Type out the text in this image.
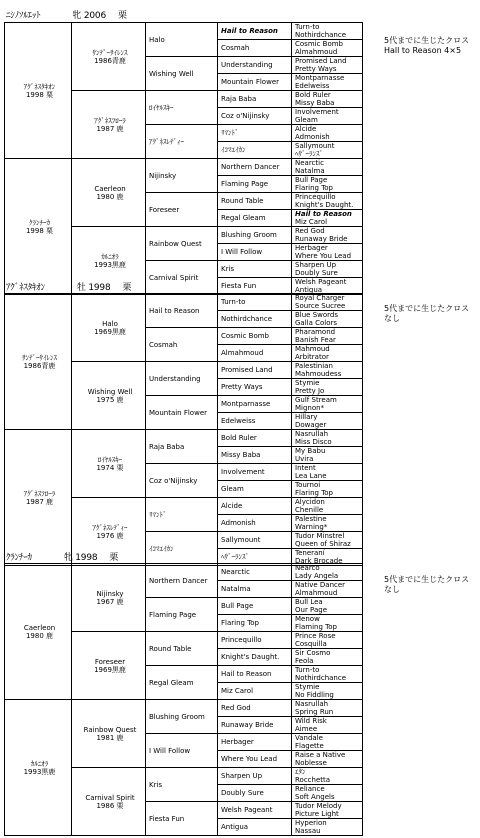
ﾆｼﾉｿﾙｴｯﾄ	牝 2006 栗
5代までに生じたクロス
Hall to Reason 4×5
ｱｸﾞﾈｽﾀｷｵﾝ
1998 栗	ｻﾝﾃﾞｰｻｲﾚﾝｽ
1986青鹿	Halo	Hail to Reason	Turn-to
Nothirdchance

			Cosmah	Cosmic Bomb
Almahmoud

		Wishing Well	Understanding	Promised Land
Pretty Ways

			Mountain Flower	Montparnasse
Edelweiss

	ｱｸﾞﾈｽﾌﾛｰﾗ
1987 鹿	ﾛｲﾔﾙｽｷｰ	Raja Baba	Bold Ruler
Missy Baba

			Coz o'Nijinsky	Involvement
Gleam

		ｱｸﾞﾈｽﾚﾃﾞｨｰ	ﾘﾏﾝﾄﾞ	Alcide
Admonish

			ｲｺﾏｴｲｶﾝ	Sallymount
ﾍｻﾞｰﾗﾝｽﾞ

ｸﾗﾝﾁｰｶ
1998 栗	Caerleon
1980 鹿	Nijinsky	Northern Dancer	Nearctic
Natalma

			Flaming Page	Bull Page
Flaring Top

		Foreseer	Round Table	Princequillo
Knight's Daught.

			Regal Gleam	Hail to Reason
Miz Carol

	ｶﾙﾆｵﾗ
1993黒鹿	Rainbow Quest	Blushing Groom	Red God
Runaway Bride

			I Will Follow	Herbager
Where You Lead

		Carnival Spirit	Kris	Sharpen Up
Doubly Sure

			Fiesta Fun	Welsh Pageant
Antigua

ｱｸﾞﾈｽﾀｷｵﾝ	牡 1998 栗
5代までに生じたクロス
なし
ｻﾝﾃﾞｰｻｲﾚﾝｽ
1986青鹿	Halo
1969黒鹿	Hail to Reason	Turn-to	Royal Charger
Source Sucree

			Nothirdchance	Blue Swords
Galla Colors

		Cosmah	Cosmic Bomb	Pharamond
Banish Fear

			Almahmoud	Mahmoud
Arbitrator

	Wishing Well
1975 鹿	Understanding	Promised Land	Palestinian
Mahmoudess

			Pretty Ways	Stymie
Pretty Jo

		Mountain Flower	Montparnasse	Gulf Stream
Mignon*

			Edelweiss	Hillary
Dowager

ｱｸﾞﾈｽﾌﾛｰﾗ
1987 鹿	ﾛｲﾔﾙｽｷｰ
1974 栗	Raja Baba	Bold Ruler	Nasrullah
Miss Disco

			Missy Baba	My Babu
Uvira

		Coz o'Nijinsky	Involvement	Intent
Lea Lane

			Gleam	Tournoi
Flaring Top

	ｱｸﾞﾈｽﾚﾃﾞｨｰ
1976 鹿	ﾘﾏﾝﾄﾞ	Alcide	Alycidon
Chenille

			Admonish	Palestine
Warning*

		ｲｺﾏｴｲｶﾝ	Sallymount	Tudor Minstrel
Queen of Shiraz

			ﾍｻﾞｰﾗﾝｽﾞ	Teneraní
Dark Brocade

ｸﾗﾝﾁｰｶ	牝 1998 栗
5代までに生じたクロス
なし
Caerleon
1980 鹿	Nijinsky
1967 鹿	Northern Dancer	Nearctic	Nearco
Lady Angela

			Natalma	Native Dancer
Almahmoud

		Flaming Page	Bull Page	Bull Lea
Our Page

			Flaring Top	Menow
Flaming Top

	Foreseer
1969黒鹿	Round Table	Princequillo	Prince Rose
Cosquilla

			Knight's Daught.	Sir Cosmo
Feola

		Regal Gleam	Hail to Reason	Turn-to
Nothirdchance

			Miz Carol	Stymie
No Fiddling

ｶﾙﾆｵﾗ
1993黒鹿	Rainbow Quest
1981 鹿	Blushing Groom	Red God	Nasrullah
Spring Run

			Runaway Bride	Wild Risk
Aimee

		I Will Follow	Herbager	Vandale
Flagette

			Where You Lead	Raise a Native
Noblesse

	Carnival Spirit
1986 栗	Kris	Sharpen Up	ｴﾀﾝ
Rocchetta

			Doubly Sure	Reliance
Soft Angels

		Fiesta Fun	Welsh Pageant	Tudor Melody
Picture Light

			Antigua	Hyperion
Nassau
